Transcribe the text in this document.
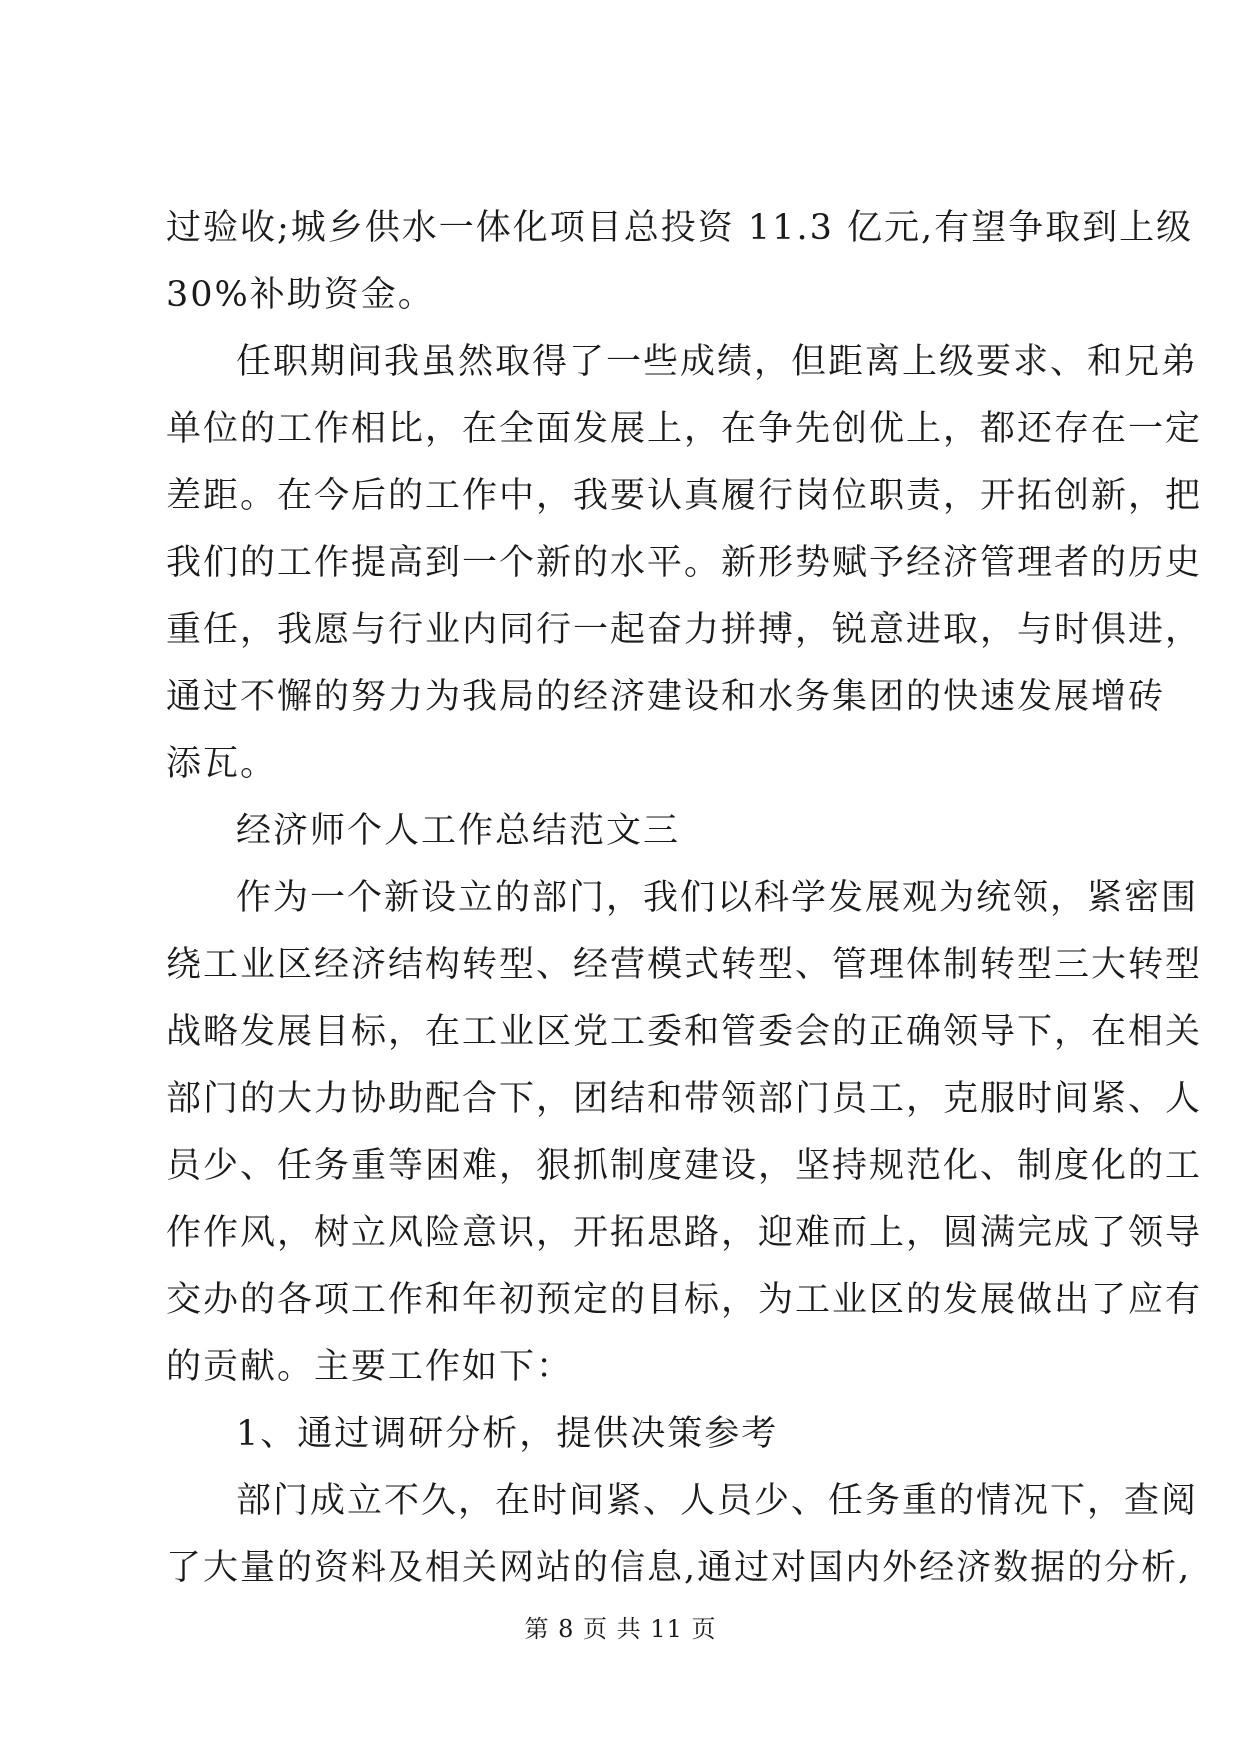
过验收;城乡供水一体化项目总投资 11.3 亿元,有望争取到上级
30%补助资金。
任职期间我虽然取得了一些成绩，但距离上级要求、和兄弟
单位的工作相比，在全面发展上，在争先创优上，都还存在一定
差距。在今后的工作中，我要认真履行岗位职责，开拓创新，把
我们的工作提高到一个新的水平。新形势赋予经济管理者的历史
重任，我愿与行业内同行一起奋力拼搏，锐意进取，与时俱进，
通过不懈的努力为我局的经济建设和水务集团的快速发展增砖
添瓦。
经济师个人工作总结范文三
作为一个新设立的部门，我们以科学发展观为统领，紧密围
绕工业区经济结构转型、经营模式转型、管理体制转型三大转型
战略发展目标，在工业区党工委和管委会的正确领导下，在相关
部门的大力协助配合下，团结和带领部门员工，克服时间紧、人
员少、任务重等困难，狠抓制度建设，坚持规范化、制度化的工
作作风，树立风险意识，开拓思路，迎难而上，圆满完成了领导
交办的各项工作和年初预定的目标，为工业区的发展做出了应有
的贡献。主要工作如下：
1、通过调研分析，提供决策参考
部门成立不久，在时间紧、人员少、任务重的情况下，查阅
了大量的资料及相关网站的信息,通过对国内外经济数据的分析,
第 8 页 共 11 页
